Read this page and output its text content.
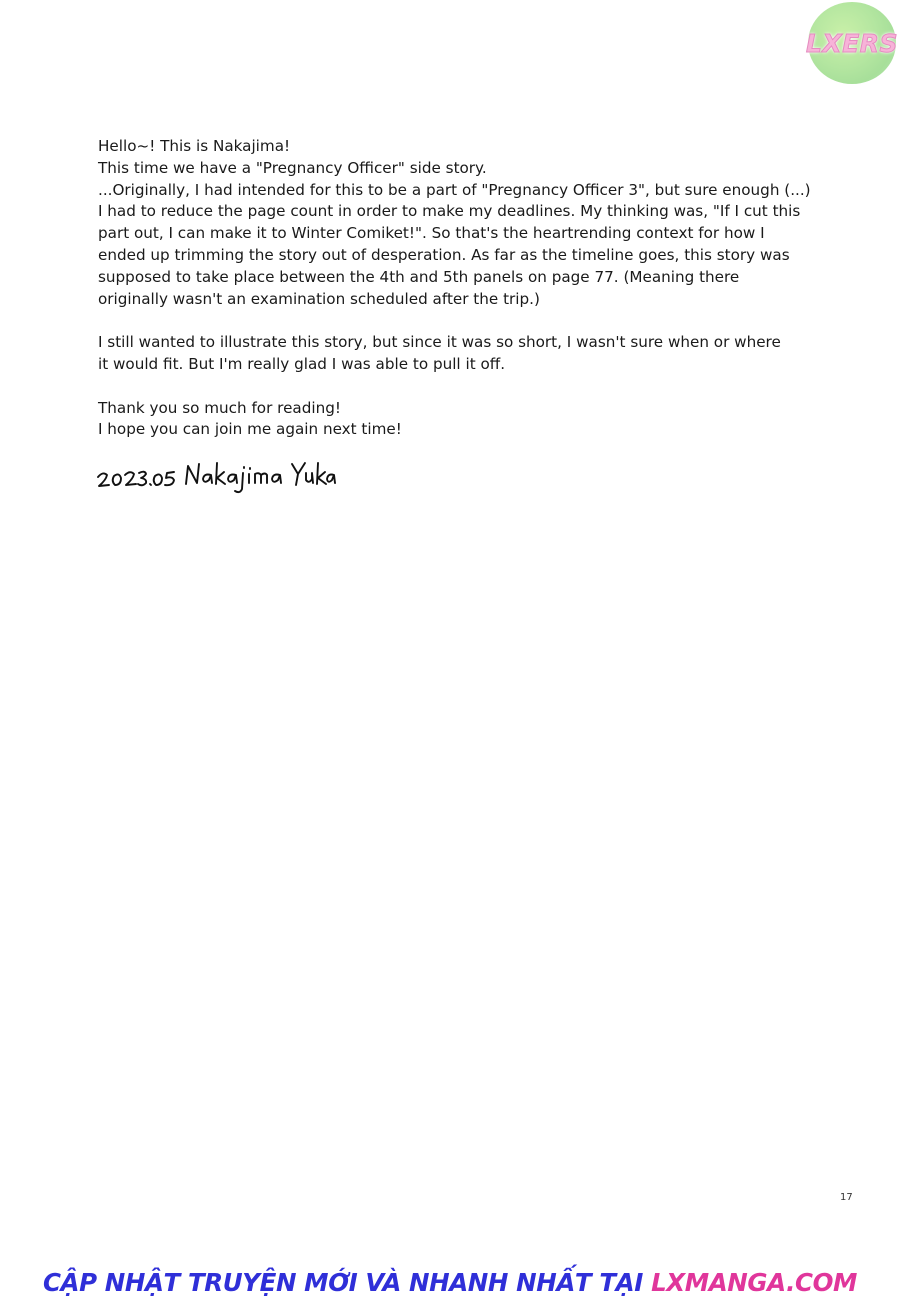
LXERS

Hello~! This is Nakajima!

This time we have a "Pregnancy Officer" side story.

...Originally, I had intended for this to be a part of "Pregnancy Officer 3", but sure enough (...)

I had to reduce the page count in order to make my deadlines. My thinking was, "If I cut this

part out, I can make it to Winter Comiket!". So that's the heartrending context for how I

ended up trimming the story out of desperation. As far as the timeline goes, this story was

supposed to take place between the 4th and 5th panels on page 77. (Meaning there

originally wasn't an examination scheduled after the trip.)

I still wanted to illustrate this story, but since it was so short, I wasn't sure when or where

it would fit. But I'm really glad I was able to pull it off.

Thank you so much for reading!

I hope you can join me again next time!

17
CẬP NHẬT TRUYỆN MỚI VÀ NHANH NHẤT TẠI LXMANGA.COM
